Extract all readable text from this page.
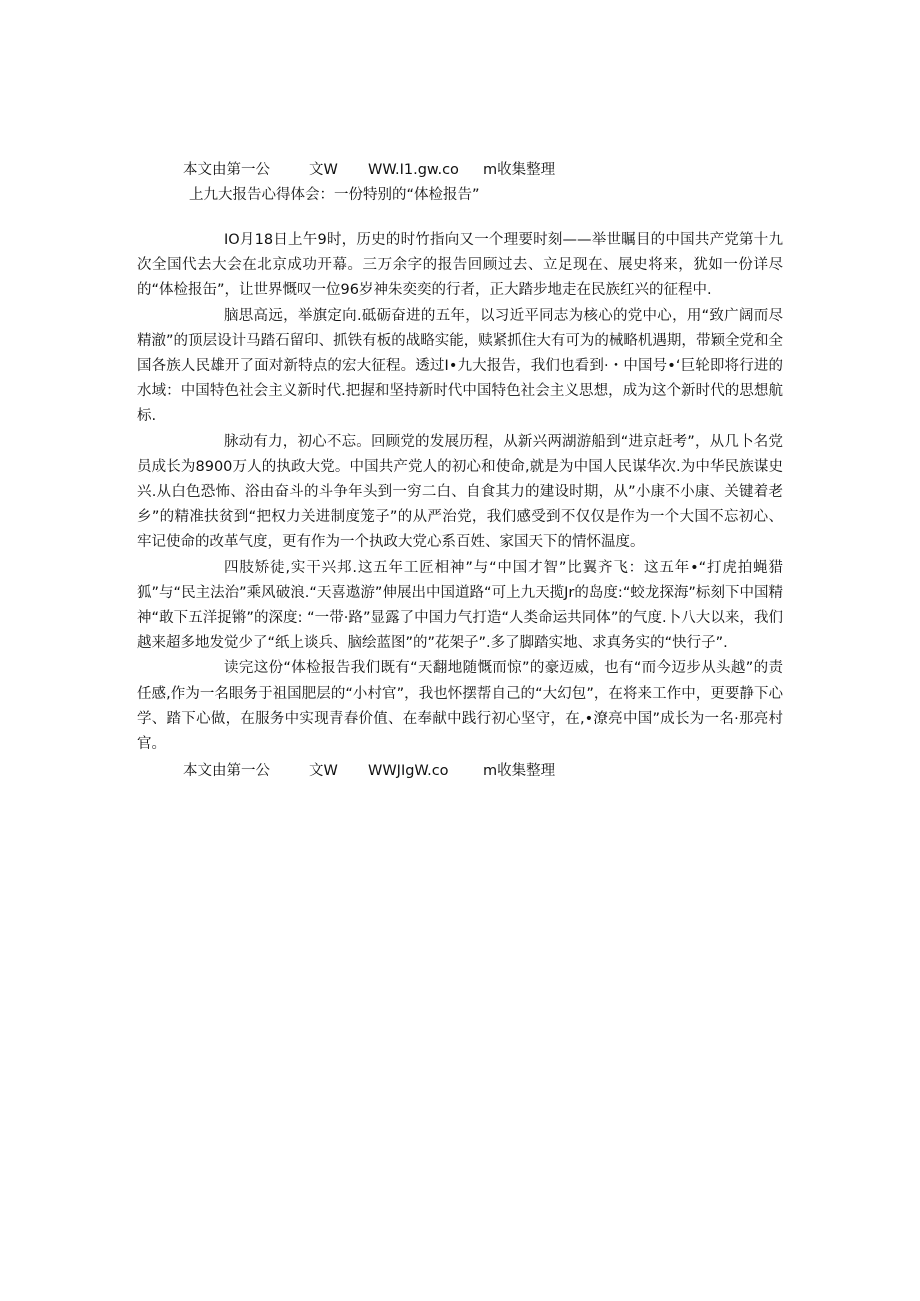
本文由第一公	文W WW.I1.gw.co m收集整理
上九大报告心得体会：一份特别的“体检报告”

IO月18日上午9时，历史的时竹指向又一个理要时刻——举世瞩目的中国共产党第十九次全国代去大会在北京成功开幕。三万余字的报告回顾过去、立足现在、展史将来，犹如一份详尽的“体检报缶”，让世界慨叹一位96岁神朱奕奕的行者，正大踏步地走在民族红兴的征程中.

脑思高远，举旗定向.砥砺奋进的五年，以习近平同志为核心的党中心，用“致广阔而尽精澈”的顶层设计马踏石留印、抓铁有板的战略实能，赎紧抓住大有可为的械略机遇期，带颖全党和全国各族人民雄开了面对新特点的宏大征程。透过I•九大报告，我们也看到·・中国号•‘巨轮即将行进的水域：中国特色社会主义新时代.把握和坚持新时代中国特色社会主义思想，成为这个新时代的思想航标.

脉动有力，初心不忘。回顾党的发展历程，从新兴两湖游船到“进京赶考”，从几卜名党员成长为8900万人的执政大党。中国共产党人的初心和使命,就是为中国人民谋华次.为中华民族谋史兴.从白色恐怖、浴由奋斗的斗争年头到一穷二白、自食其力的建设时期，从”小康不小康、关键着老乡”的精准扶贫到“把权力关进制度笼子”的从严治党，我们感受到不仅仅是作为一个大国不忘初心、牢记使命的改革气度，更有作为一个执政大党心系百姓、家国天下的情怀温度。

四肢矫徒,实干兴邦.这五年工匠相神”与“中国才智”比翼齐飞：这五年•“打虎拍蝇猎狐”与“民主法治”乘风破浪.“天喜遨游”伸展出中国道路“可上九天揽Jr的岛度:“蛟龙探海”标刻下中国精神“敢下五洋捉锵”的深度: “一带·路”显露了中国力气打造“人类命运共同体”的气度.卜八大以来，我们越来超多地发觉少了“纸上谈兵、脑绘蓝图”的”花架子”.多了脚踏实地、求真务实的“快行子”.

读完这份“体检报告我们既有“天翻地随慨而惊”的豪迈威，也有“而今迈步从头越”的责任感,作为一名眼务于祖国肥层的“小村官”，我也怀摆帮自己的“大幻包”，在将来工作中，更要静下心学、踏下心做，在服务中实现青春价值、在奉献中践行初心坚守，在,•潦亮中国”成长为一名·那亮村官。

本文由第一公	文W WWJIgW.co m收集整理
